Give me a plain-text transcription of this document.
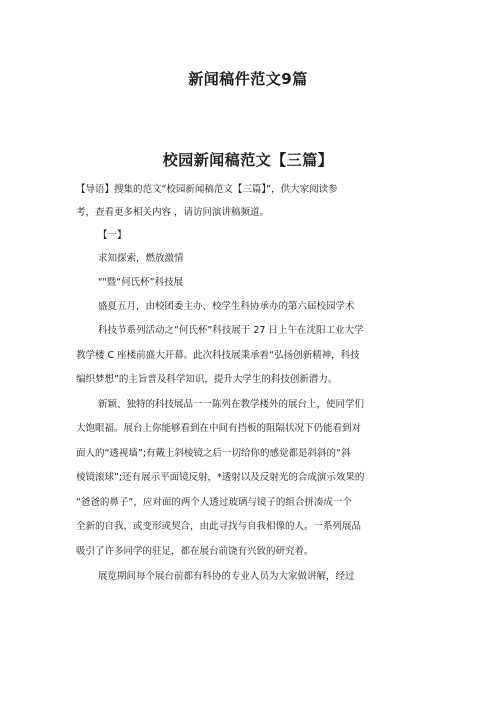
新闻稿件范文9篇
校园新闻稿范文【三篇】

【导语】搜集的范文“校园新闻稿范文【三篇】”，供大家阅读参

考，查看更多相关内容 ，请访问演讲稿频道。

【一】

求知探索，燃放激情

""暨“何氏杯”科技展

盛夏五月，由校团委主办、校学生科协承办的第六届校园学术

科技节系列活动之“何氏杯”科技展于 27 日上午在沈阳工业大学

教学楼 C 座楼前盛大开幕。此次科技展秉承着“弘扬创新精神，科技

编织梦想”的主旨普及科学知识，提升大学生的科技创新潜力。

新颖、独特的科技展品一一陈列在教学楼外的展台上，使同学们

大饱眼福。展台上你能够看到在中间有挡板的阻隔状况下仍能看到对

面人的“透视墙”;有戴上斜棱镜之后一切给你的感觉都是斜斜的“斜

棱镜滚球”;还有展示平面镜反射，*透射以及反射光的合成演示效果的

“爸爸的鼻子”，应对面的两个人透过玻璃与镜子的组合拼凑成一个

全新的自我，或变形或契合，由此寻找与自我相像的人。一系列展品

吸引了许多同学的驻足，都在展台前饶有兴致的研究着。

展览期间每个展台前都有科协的专业人员为大家做讲解，经过
